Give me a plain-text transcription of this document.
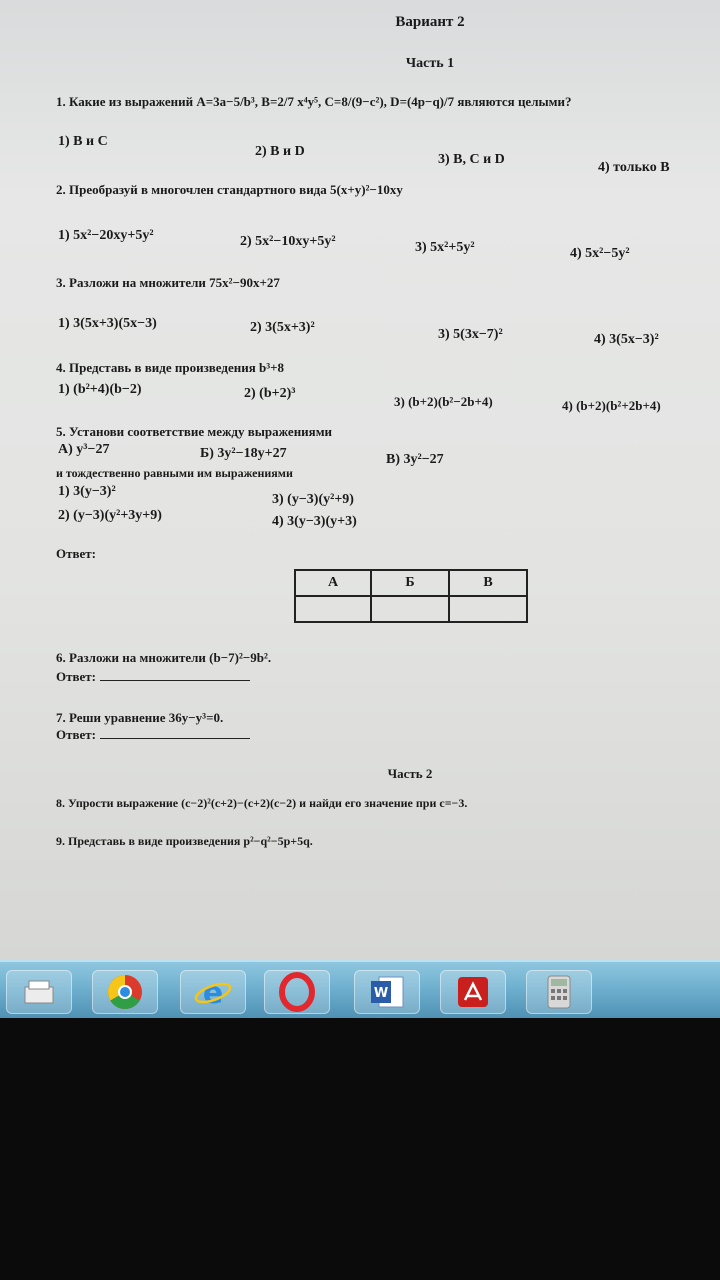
Вариант 2
Часть 1
1. Какие из выражений A=3a−5/b³, B=2/7 x⁴y⁵, C=8/(9−c²), D=(4p−q)/7 являются целыми?
1) B и C
2) B и D
3) B, C и D
4) только B
2. Преобразуй в многочлен стандартного вида 5(x+y)²−10xy
1) 5x²−20xy+5y²	2) 5x²−10xy+5y²	3) 5x²+5y²	4) 5x²−5y²
3. Разложи на множители 75x²−90x+27
1) 3(5x+3)(5x−3)	2) 3(5x+3)²	3) 5(3x−7)²	4) 3(5x−3)²
4. Представь в виде произведения b³+8
1) (b²+4)(b−2)	2) (b+2)³
3) (b+2)(b²−2b+4)	4) (b+2)(b²+2b+4)
5. Установи соответствие между выражениями
А) y³−27	Б) 3y²−18y+27	В) 3y²−27
и тождественно равными им выражениями
1) 3(y−3)²
2) (y−3)(y²+3y+9)
3) (y−3)(y²+9)
4) 3(y−3)(y+3)
Ответ:
А	Б	В

6. Разложи на множители (b−7)²−9b².
Ответ:
7. Реши уравнение 36y−y³=0.
Ответ:
Часть 2
8. Упрости выражение (c−2)²(c+2)−(c+2)(c−2) и найди его значение при c=−3.
9. Представь в виде произведения p²−q²−5p+5q.
e	W
